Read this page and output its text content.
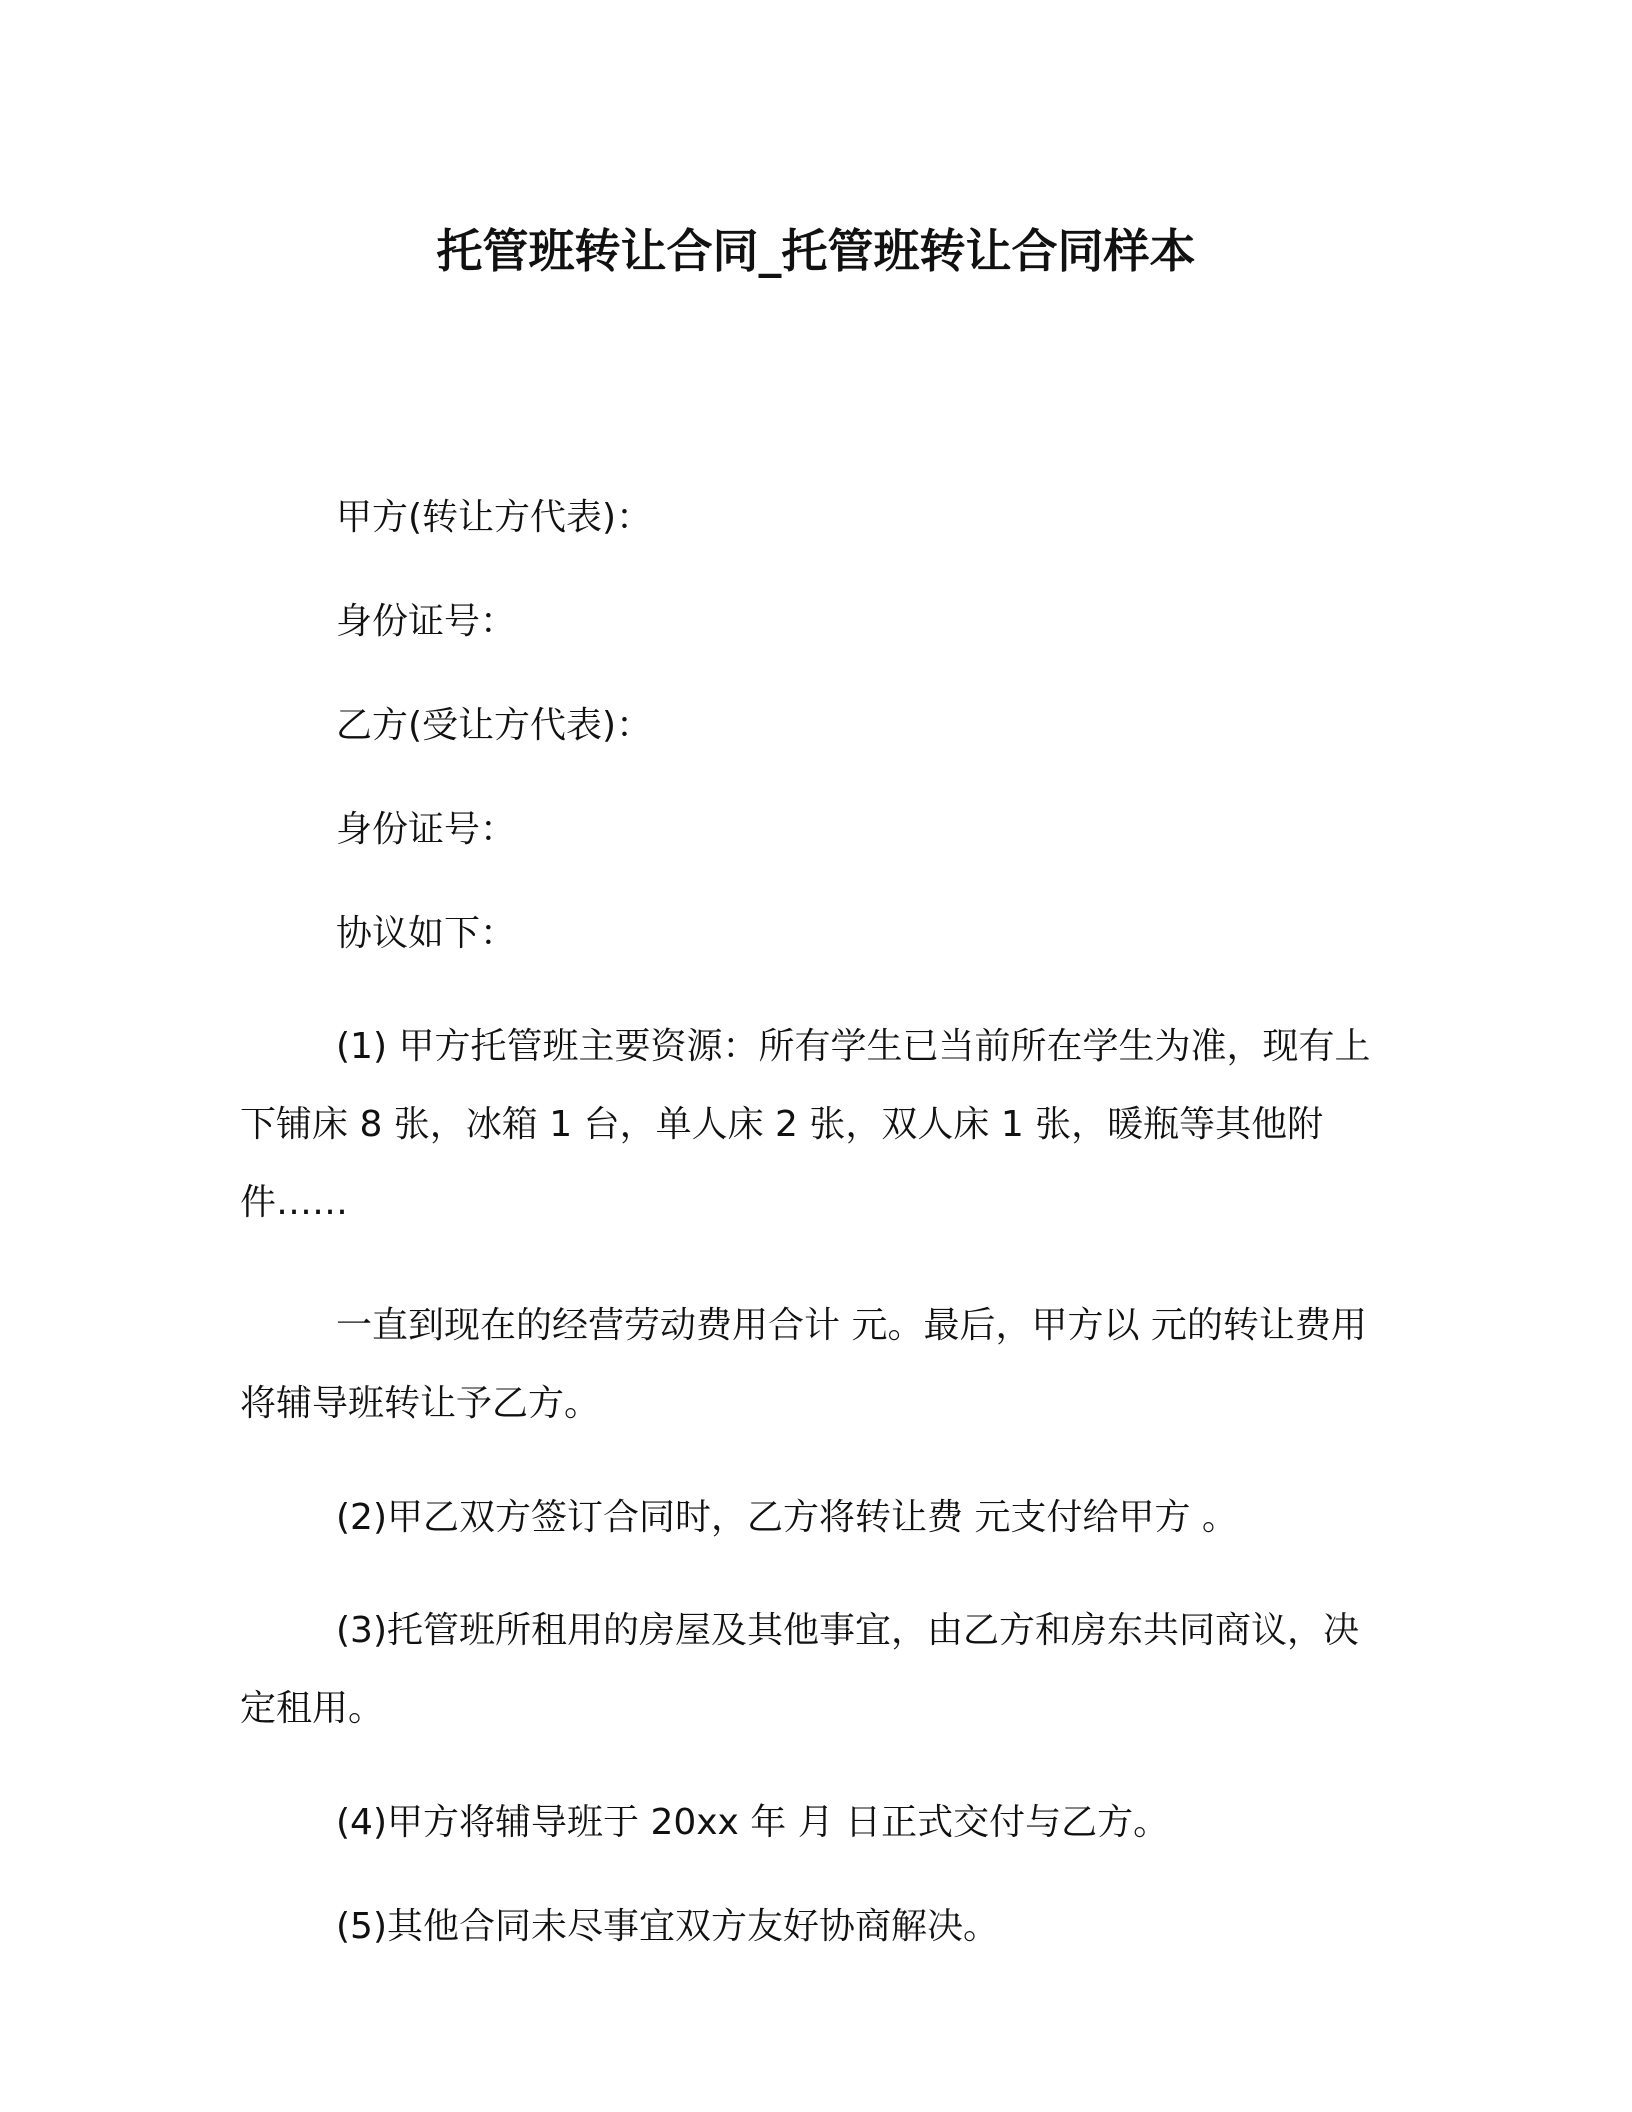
托管班转让合同_托管班转让合同样本

甲方(转让方代表)：

身份证号：

乙方(受让方代表)：

身份证号：

协议如下：

(1) 甲方托管班主要资源：所有学生已当前所在学生为准，现有上下铺床 8 张，冰箱 1 台，单人床 2 张，双人床 1 张，暖瓶等其他附件……

一直到现在的经营劳动费用合计 元。最后，甲方以 元的转让费用将辅导班转让予乙方。

(2)甲乙双方签订合同时，乙方将转让费 元支付给甲方 。

(3)托管班所租用的房屋及其他事宜，由乙方和房东共同商议，决定租用。

(4)甲方将辅导班于 20xx 年 月 日正式交付与乙方。

(5)其他合同未尽事宜双方友好协商解决。
